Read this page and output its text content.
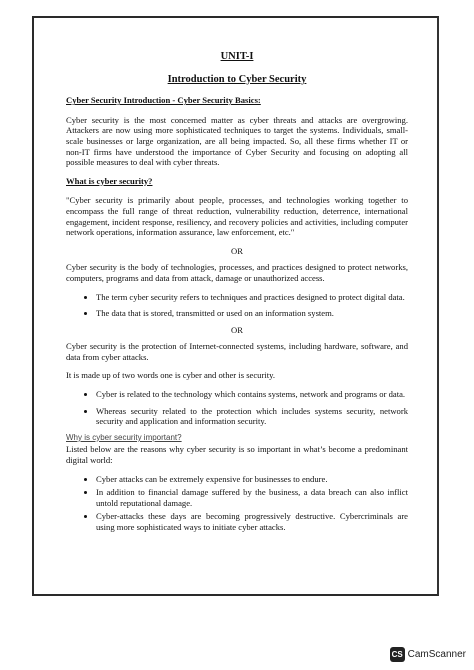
UNIT-I
Introduction to Cyber Security
Cyber Security Introduction - Cyber Security Basics:

Cyber security is the most concerned matter as cyber threats and attacks are overgrowing. Attackers are now using more sophisticated techniques to target the systems. Individuals, small-scale businesses or large organization, are all being impacted. So, all these firms whether IT or non-IT firms have understood the importance of Cyber Security and focusing on adopting all possible measures to deal with cyber threats.

What is cyber security?

"Cyber security is primarily about people, processes, and technologies working together to encompass the full range of threat reduction, vulnerability reduction, deterrence, international engagement, incident response, resiliency, and recovery policies and activities, including computer network operations, information assurance, law enforcement, etc."

OR

Cyber security is the body of technologies, processes, and practices designed to protect networks, computers, programs and data from attack, damage or unauthorized access.

• The term cyber security refers to techniques and practices designed to protect digital data.
• The data that is stored, transmitted or used on an information system.
OR

Cyber security is the protection of Internet-connected systems, including hardware, software, and data from cyber attacks.

It is made up of two words one is cyber and other is security.

• Cyber is related to the technology which contains systems, network and programs or data.
• Whereas security related to the protection which includes systems security, network security and application and information security.
Why is cyber security important?

Listed below are the reasons why cyber security is so important in what’s become a predominant digital world:

• Cyber attacks can be extremely expensive for businesses to endure.
• In addition to financial damage suffered by the business, a data breach can also inflict untold reputational damage.
• Cyber-attacks these days are becoming progressively destructive. Cybercriminals are using more sophisticated ways to initiate cyber attacks.
CS CamScanner
